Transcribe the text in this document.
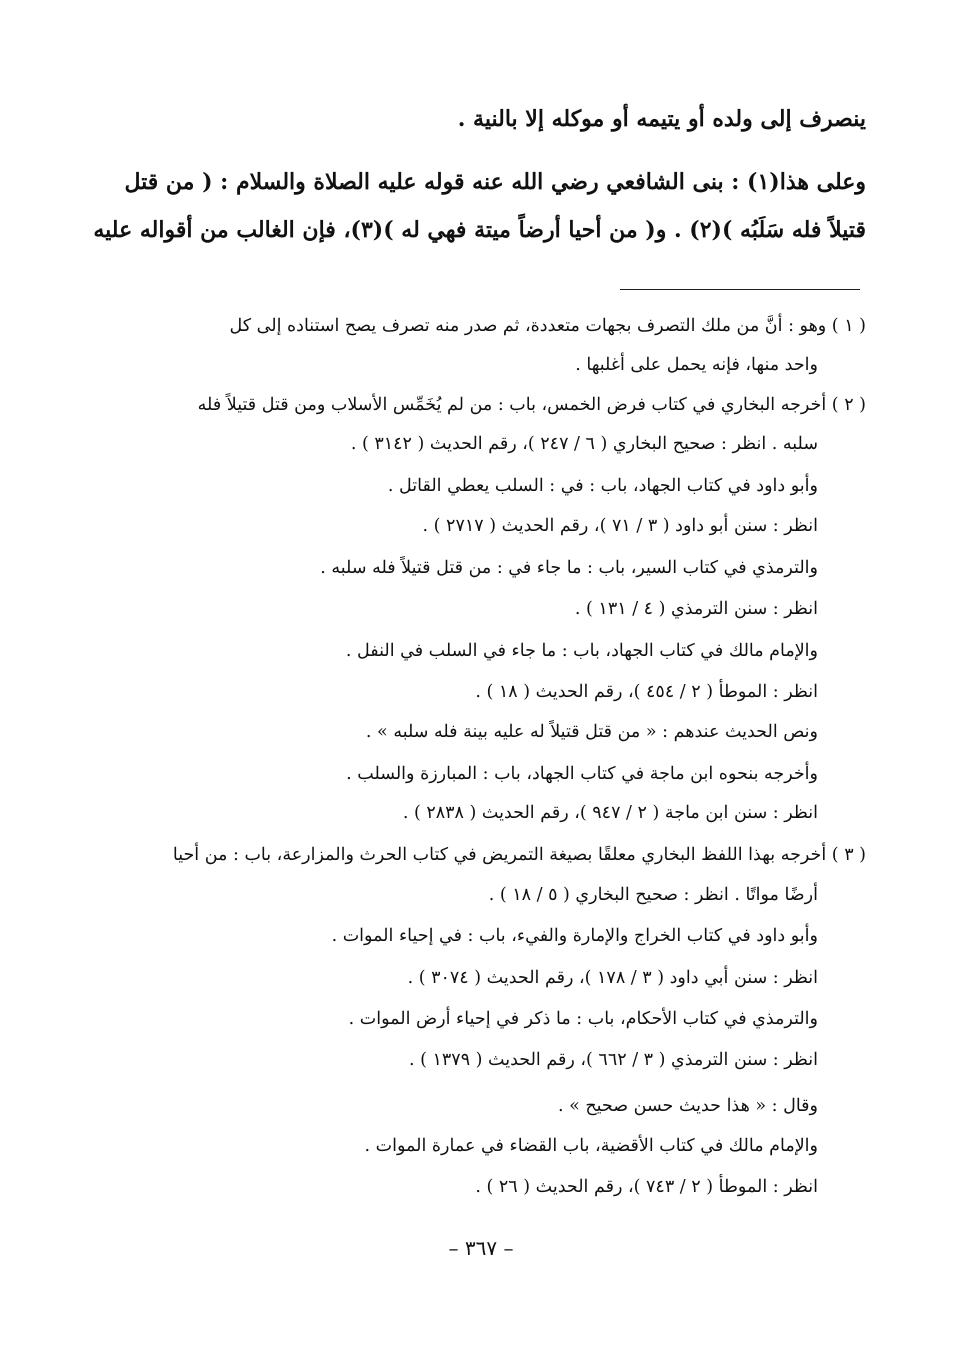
ينصرف إلى ولده أو يتيمه أو موكله إلا بالنية .
وعلى هذا(١) : بنى الشافعي رضي الله عنه قوله عليه الصلاة والسلام : ( من قتل
قتيلاً فله سَلَبُه )(٢) . و( من أحيا أرضاً ميتة فهي له )(٣)، فإن الغالب من أقواله عليه
( ١ ) وهو : أنَّ من ملك التصرف بجهات متعددة، ثم صدر منه تصرف يصح استناده إلى كل
واحد منها، فإنه يحمل على أغلبها .
( ٢ ) أخرجه البخاري في كتاب فرض الخمس، باب : من لم يُخَمِّس الأسلاب ومن قتل قتيلاً فله
سلبه . انظر : صحيح البخاري ( ٦ / ٢٤٧ )، رقم الحديث ( ٣١٤٢ ) .
وأبو داود في كتاب الجهاد، باب : في : السلب يعطي القاتل .
انظر : سنن أبو داود ( ٣ / ٧١ )، رقم الحديث ( ٢٧١٧ ) .
والترمذي في كتاب السير، باب : ما جاء في : من قتل قتيلاً فله سلبه .
انظر : سنن الترمذي ( ٤ / ١٣١ ) .
والإمام مالك في كتاب الجهاد، باب : ما جاء في السلب في النفل .
انظر : الموطأ ( ٢ / ٤٥٤ )، رقم الحديث ( ١٨ ) .
ونص الحديث عندهم : « من قتل قتيلاً له عليه بينة فله سلبه » .
وأخرجه بنحوه ابن ماجة في كتاب الجهاد، باب : المبارزة والسلب .
انظر : سنن ابن ماجة ( ٢ / ٩٤٧ )، رقم الحديث ( ٢٨٣٨ ) .
( ٣ ) أخرجه بهذا اللفظ البخاري معلقًا بصيغة التمريض في كتاب الحرث والمزارعة، باب : من أحيا
أرضًا مواتًا . انظر : صحيح البخاري ( ٥ / ١٨ ) .
وأبو داود في كتاب الخراج والإمارة والفيء، باب : في إحياء الموات .
انظر : سنن أبي داود ( ٣ / ١٧٨ )، رقم الحديث ( ٣٠٧٤ ) .
والترمذي في كتاب الأحكام، باب : ما ذكر في إحياء أرض الموات .
انظر : سنن الترمذي ( ٣ / ٦٦٢ )، رقم الحديث ( ١٣٧٩ ) .
وقال : « هذا حديث حسن صحيح » .
والإمام مالك في كتاب الأقضية، باب القضاء في عمارة الموات .
انظر : الموطأ ( ٢ / ٧٤٣ )، رقم الحديث ( ٢٦ ) .
– ٣٦٧ –
